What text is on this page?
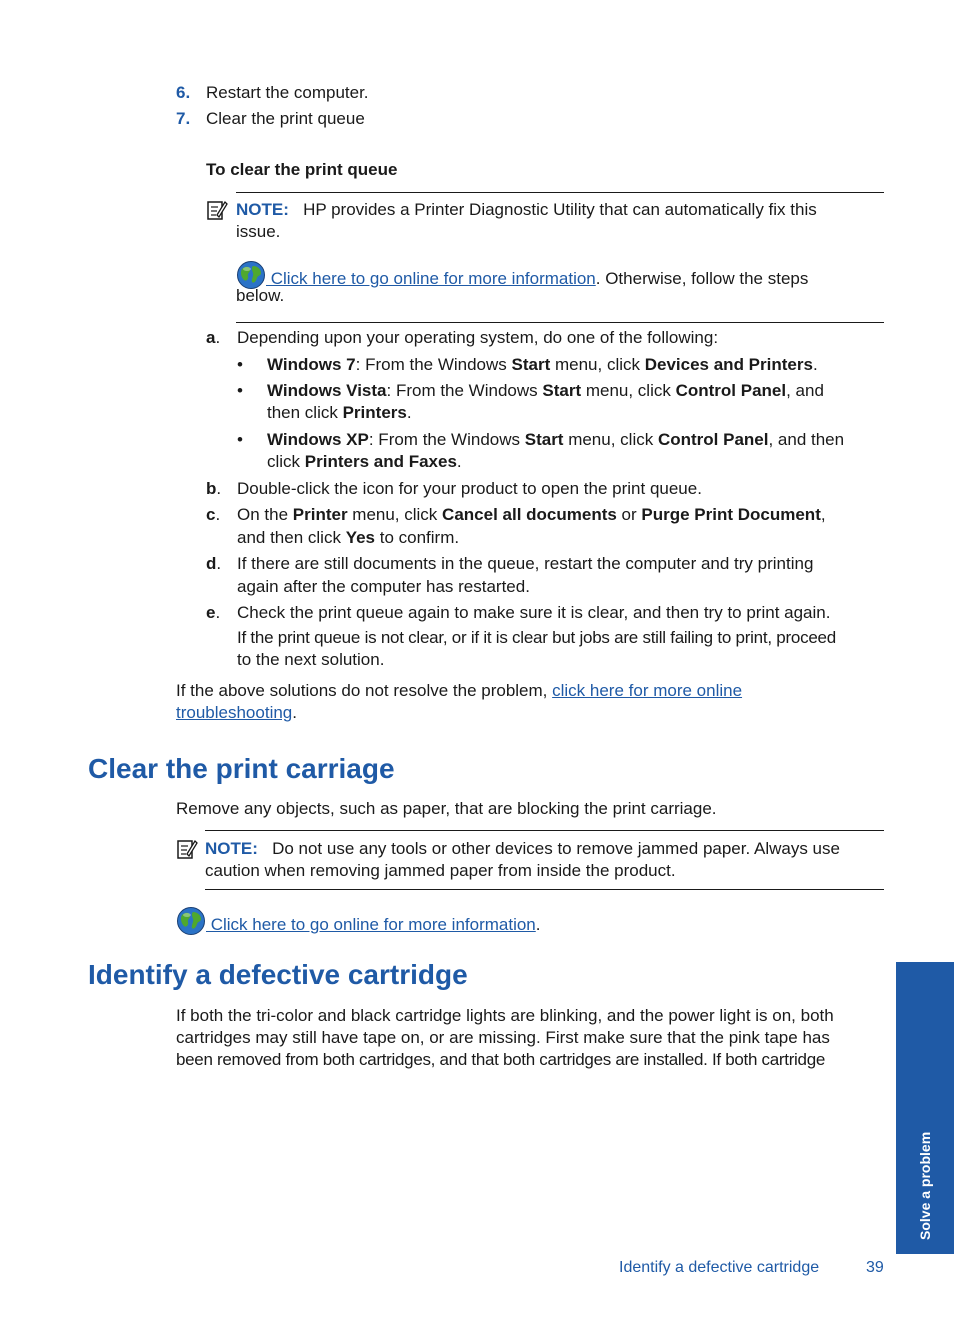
6. Restart the computer.
7. Clear the print queue
To clear the print queue
NOTE: HP provides a Printer Diagnostic Utility that can automatically fix this
issue.
Click here to go online for more information. Otherwise, follow the steps
below.
a. Depending upon your operating system, do one of the following:
• Windows 7: From the Windows Start menu, click Devices and Printers.
• Windows Vista: From the Windows Start menu, click Control Panel, and
then click Printers.
• Windows XP: From the Windows Start menu, click Control Panel, and then
click Printers and Faxes.
b. Double-click the icon for your product to open the print queue.
c. On the Printer menu, click Cancel all documents or Purge Print Document,
and then click Yes to confirm.
d. If there are still documents in the queue, restart the computer and try printing
again after the computer has restarted.
e. Check the print queue again to make sure it is clear, and then try to print again.
If the print queue is not clear, or if it is clear but jobs are still failing to print, proceed
to the next solution.
If the above solutions do not resolve the problem, click here for more online
troubleshooting.
Clear the print carriage
Remove any objects, such as paper, that are blocking the print carriage.
NOTE: Do not use any tools or other devices to remove jammed paper. Always use
caution when removing jammed paper from inside the product.
Click here to go online for more information.
Identify a defective cartridge
If both the tri-color and black cartridge lights are blinking, and the power light is on, both
cartridges may still have tape on, or are missing. First make sure that the pink tape has
been removed from both cartridges, and that both cartridges are installed. If both cartridge
Solve a problem
Identify a defective cartridge	39
